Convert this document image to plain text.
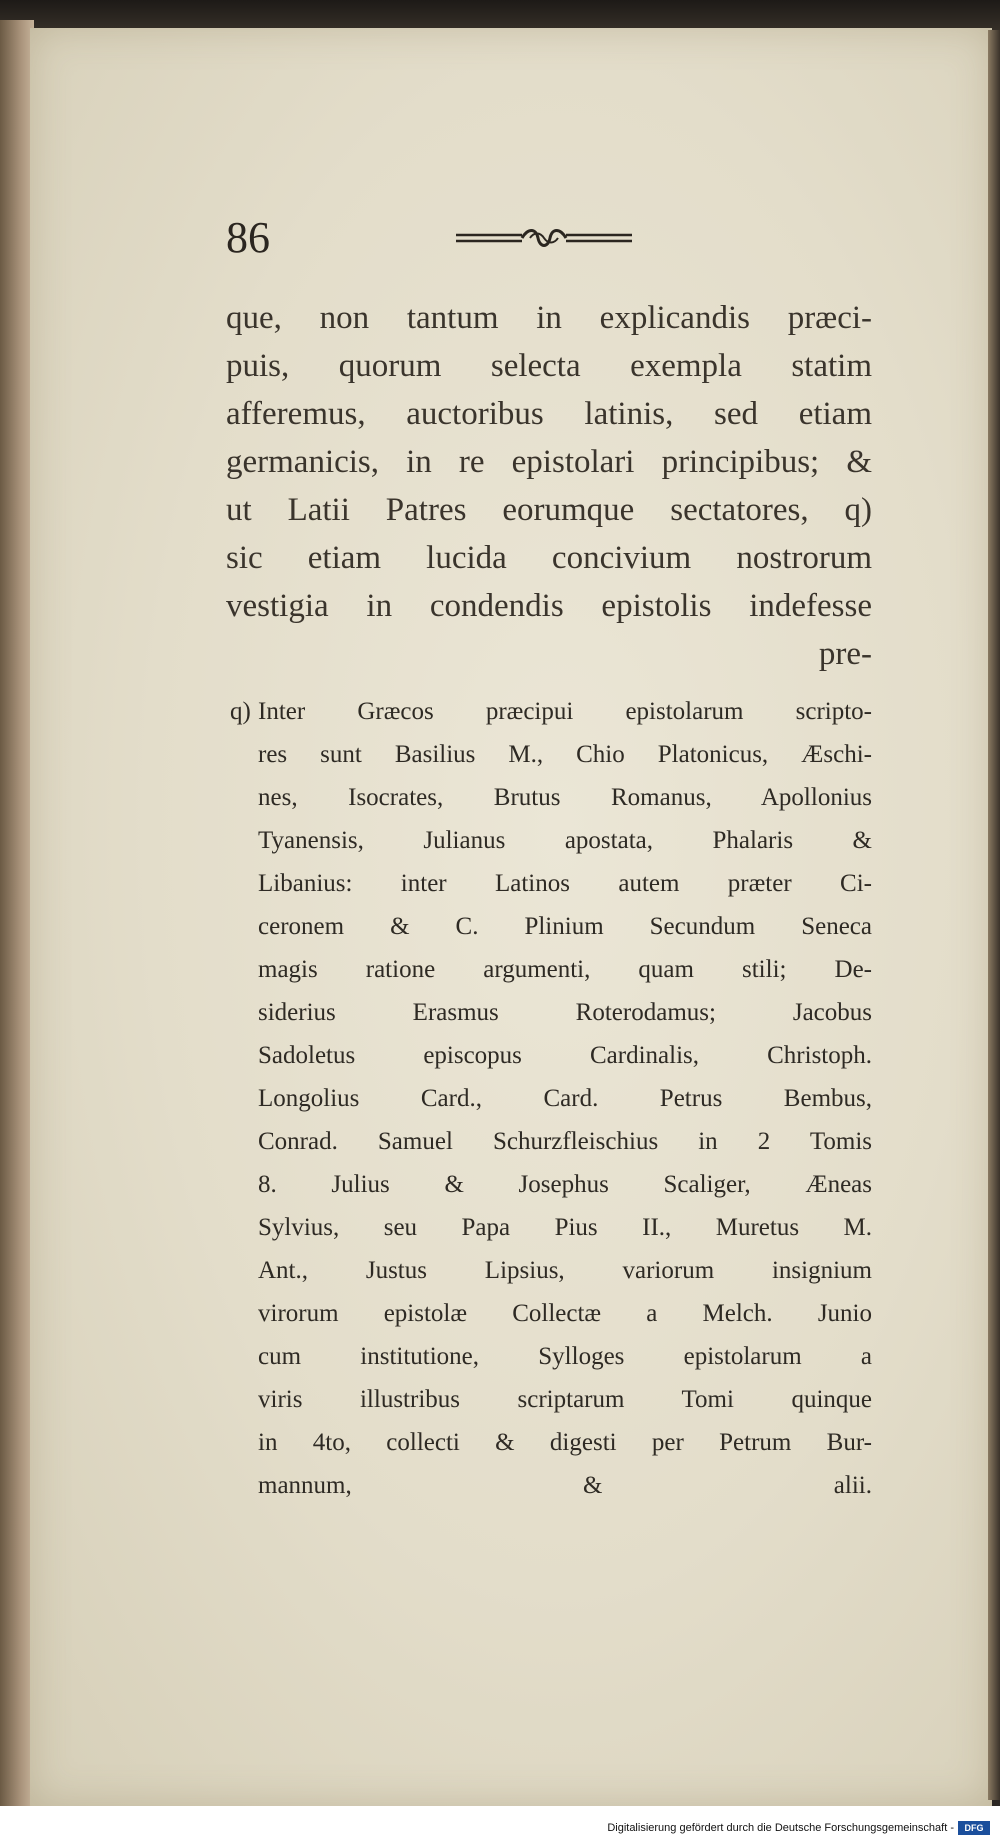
86
que, non tantum in explicandis præci-
puis, quorum selecta exempla statim
afferemus, auctoribus latinis, sed etiam
germanicis, in re epistolari principibus; &
ut Latii Patres eorumque sectatores, q)
sic etiam lucida concivium nostrorum
vestigia in condendis epistolis indefesse
pre-
q) Inter Græcos præcipui epistolarum scripto-
res sunt Basilius M., Chio Platonicus, Æschi-
nes, Isocrates, Brutus Romanus, Apollonius
Tyanensis, Julianus apostata, Phalaris &
Libanius: inter Latinos autem præter Ci-
ceronem & C. Plinium Secundum Seneca
magis ratione argumenti, quam stili; De-
siderius Erasmus Roterodamus; Jacobus
Sadoletus episcopus Cardinalis, Christoph.
Longolius Card., Card. Petrus Bembus,
Conrad. Samuel Schurzfleischius in 2 Tomis
8. Julius & Josephus Scaliger, Æneas
Sylvius, seu Papa Pius II., Muretus M.
Ant., Justus Lipsius, variorum insignium
virorum epistolæ Collectæ a Melch. Junio
cum institutione, Sylloges epistolarum a
viris illustribus scriptarum Tomi quinque
in 4to, collecti & digesti per Petrum Bur-
mannum, & alii.
Digitalisierung gefördert durch die Deutsche Forschungsgemeinschaft -	DFG
